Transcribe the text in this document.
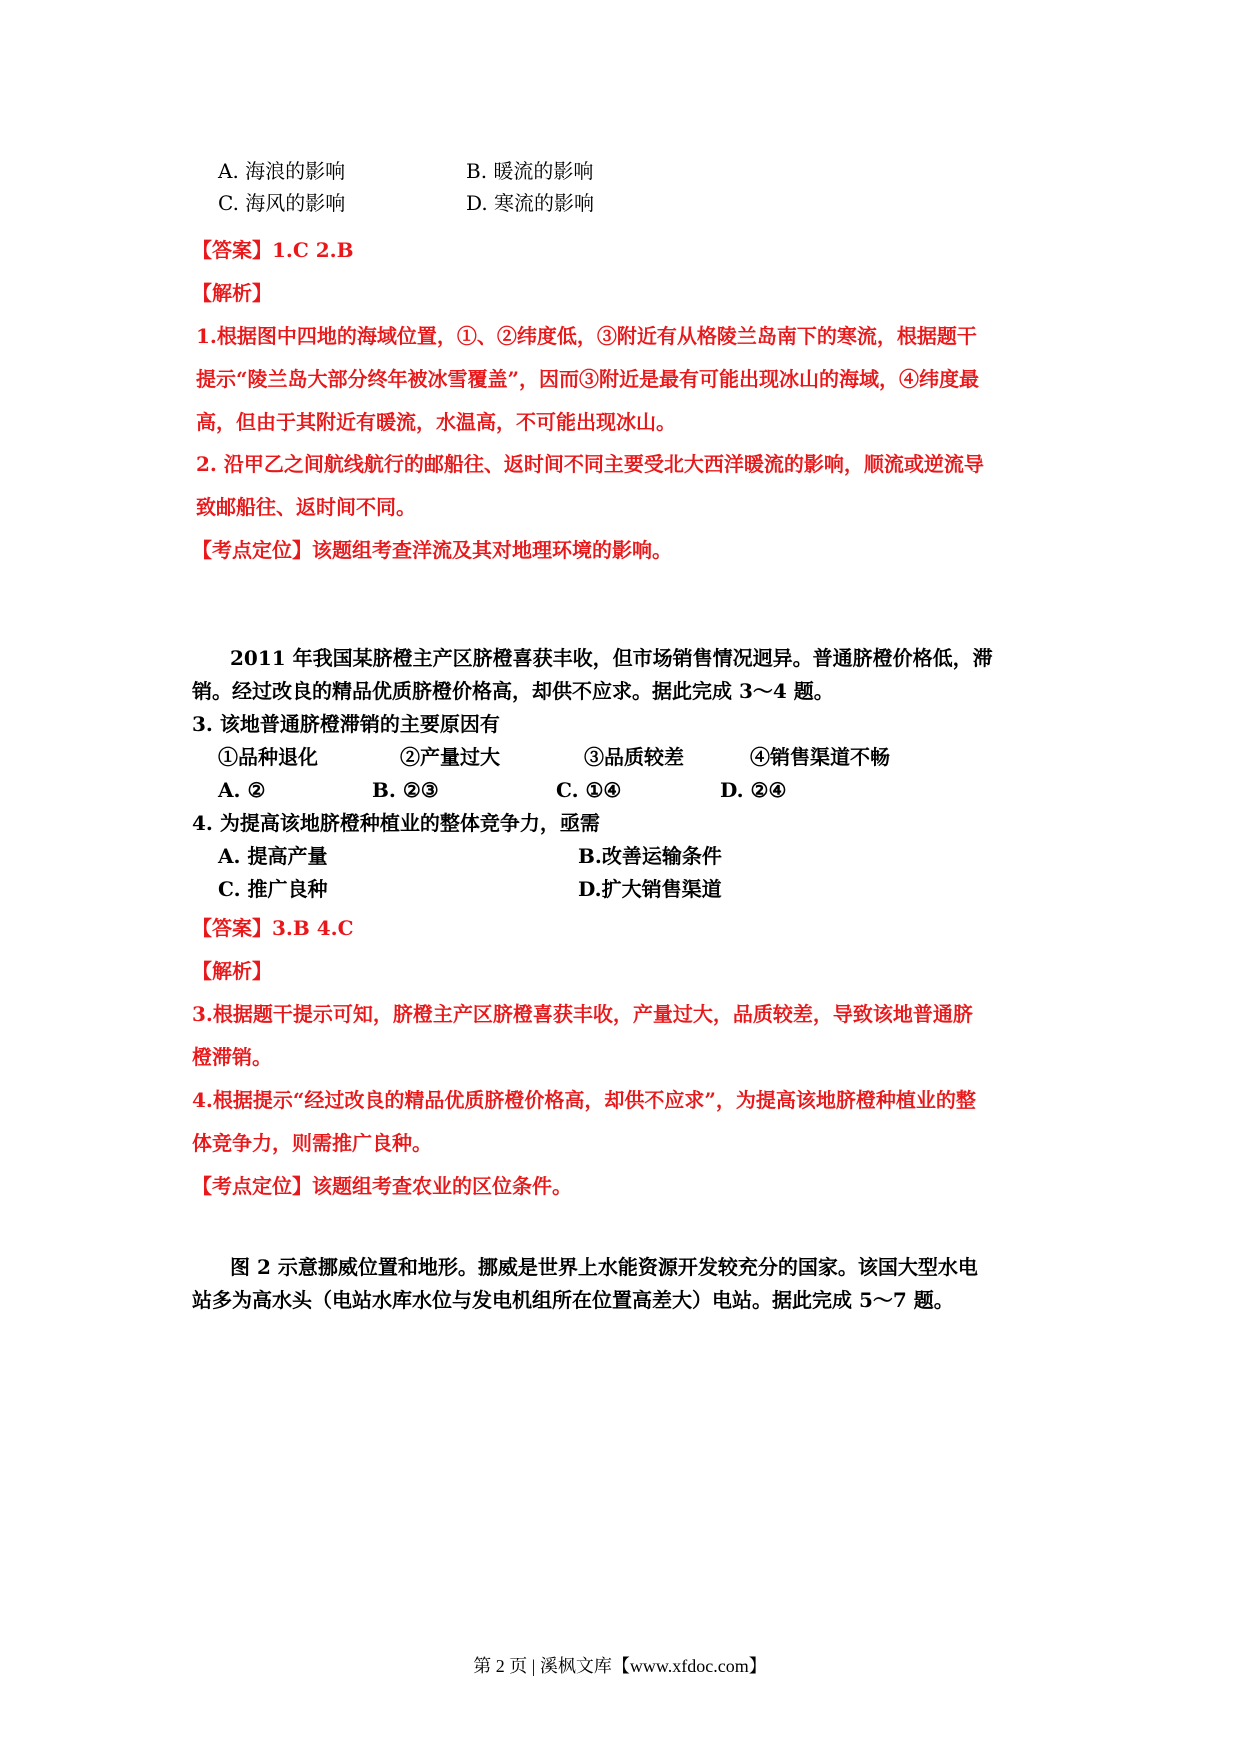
A. 海浪的影响	B. 暖流的影响
C. 海风的影响	D. 寒流的影响
【答案】1.C 2.B
【解析】
1.根据图中四地的海域位置，①、②纬度低，③附近有从格陵兰岛南下的寒流，根据题干
提示“陵兰岛大部分终年被冰雪覆盖”，因而③附近是最有可能出现冰山的海域，④纬度最
高，但由于其附近有暖流，水温高，不可能出现冰山。
2. 沿甲乙之间航线航行的邮船往、返时间不同主要受北大西洋暖流的影响，顺流或逆流导
致邮船往、返时间不同。
【考点定位】该题组考查洋流及其对地理环境的影响。
2011 年我国某脐橙主产区脐橙喜获丰收，但市场销售情况迥异。普通脐橙价格低，滞
销。经过改良的精品优质脐橙价格高，却供不应求。据此完成 3～4 题。
3. 该地普通脐橙滞销的主要原因有
①品种退化	②产量过大	③品质较差	④销售渠道不畅
A. ②	B. ②③	C. ①④	D. ②④
4. 为提高该地脐橙种植业的整体竞争力，亟需
A. 提高产量	B.改善运输条件
C. 推广良种	D.扩大销售渠道
【答案】3.B 4.C
【解析】
3.根据题干提示可知，脐橙主产区脐橙喜获丰收，产量过大，品质较差，导致该地普通脐
橙滞销。
4.根据提示“经过改良的精品优质脐橙价格高，却供不应求”，为提高该地脐橙种植业的整
体竞争力，则需推广良种。
【考点定位】该题组考查农业的区位条件。
图 2 示意挪威位置和地形。挪威是世界上水能资源开发较充分的国家。该国大型水电
站多为高水头（电站水库水位与发电机组所在位置高差大）电站。据此完成 5～7 题。
第 2 页 | 溪枫文库【www.xfdoc.com】
